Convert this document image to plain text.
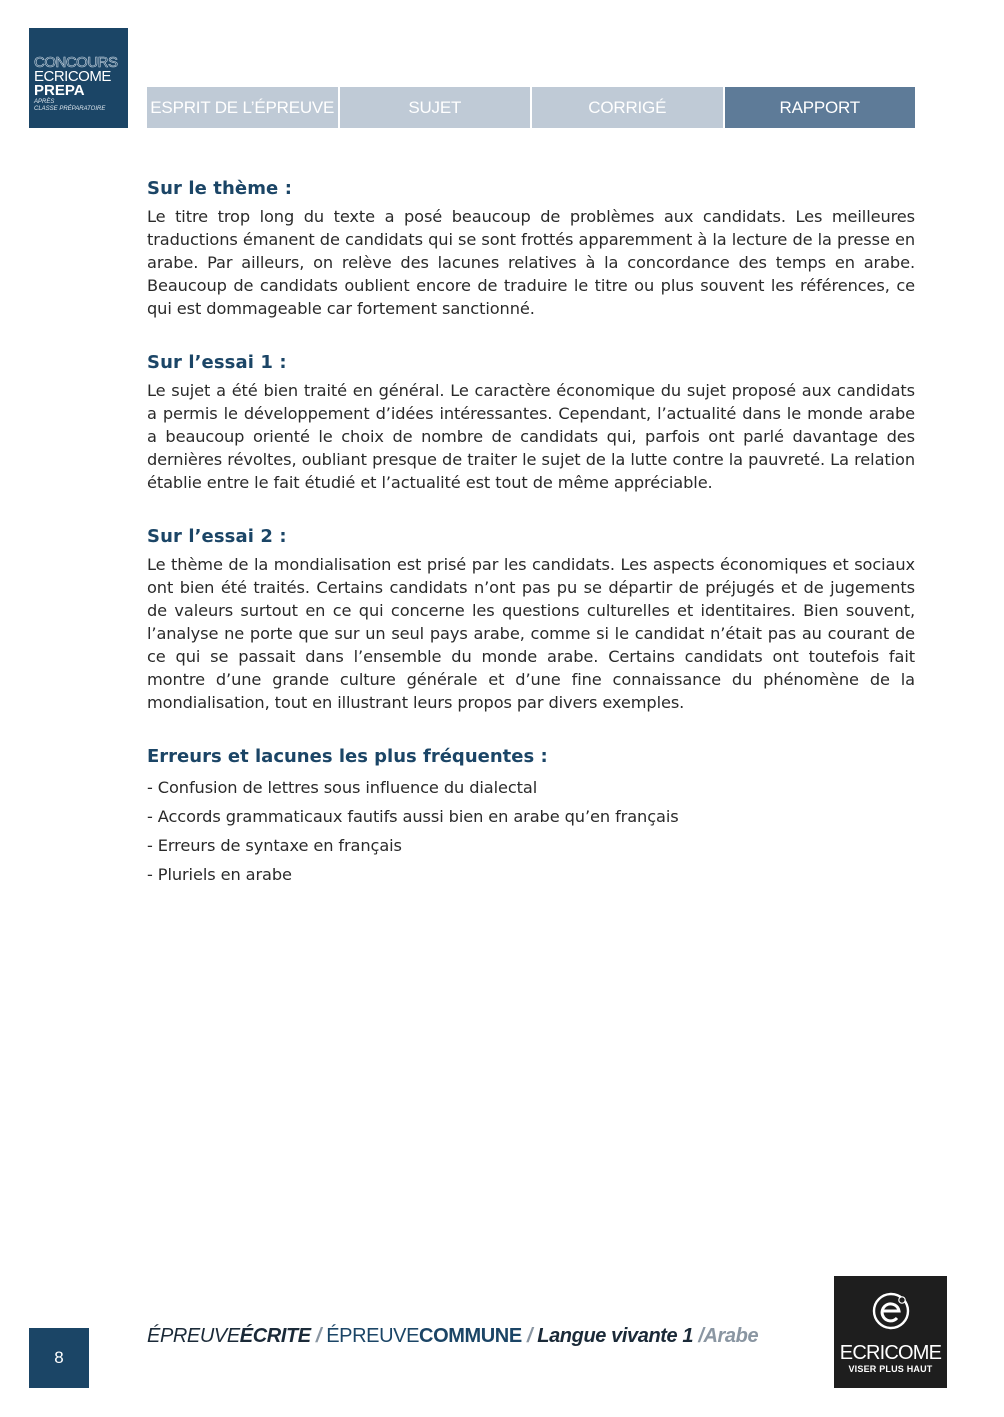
CONCOURS
ECRICOME
PREPA
APRÈS
CLASSE PRÉPARATOIRE	ESPRIT DE L’ÉPREUVE	SUJET	CORRIGÉ	RAPPORT
Sur le thème :

Le titre trop long du texte a posé beaucoup de problèmes aux candidats. Les meilleures traductions émanent de candidats qui se sont frottés apparemment à la lecture de la presse en arabe. Par ailleurs, on relève des lacunes relatives à la concordance des temps en arabe. Beaucoup de candidats oublient encore de traduire le titre ou plus souvent les références, ce qui est dommageable car fortement sanctionné.

Sur l’essai 1 :

Le sujet a été bien traité en général. Le caractère économique du sujet proposé aux candidats a permis le développement d’idées intéressantes. Cependant, l’actualité dans le monde arabe a beaucoup orienté le choix de nombre de candidats qui, parfois ont parlé davantage des dernières révoltes, oubliant presque de traiter le sujet de la lutte contre la pauvreté. La relation établie entre le fait étudié et l’actualité est tout de même appréciable.

Sur l’essai 2 :

Le thème de la mondialisation est prisé par les candidats. Les aspects économiques et sociaux ont bien été traités. Certains candidats n’ont pas pu se départir de préjugés et de jugements de valeurs surtout en ce qui concerne les questions culturelles et identitaires. Bien souvent, l’analyse ne porte que sur un seul pays arabe, comme si le candidat n’était pas au courant de ce qui se passait dans l’ensemble du monde arabe. Certains candidats ont toutefois fait montre d’une grande culture générale et d’une fine connaissance du phénomène de la mondialisation, tout en illustrant leurs propos par divers exemples.

Erreurs et lacunes les plus fréquentes :
- Confusion de lettres sous influence du dialectal
- Accords grammaticaux fautifs aussi bien en arabe qu’en français
- Erreurs de syntaxe en français
- Pluriels en arabe
8
ÉPREUVEÉCRITE / ÉPREUVECOMMUNE / Langue vivante 1 /Arabe
ECRICOME
VISER PLUS HAUT
